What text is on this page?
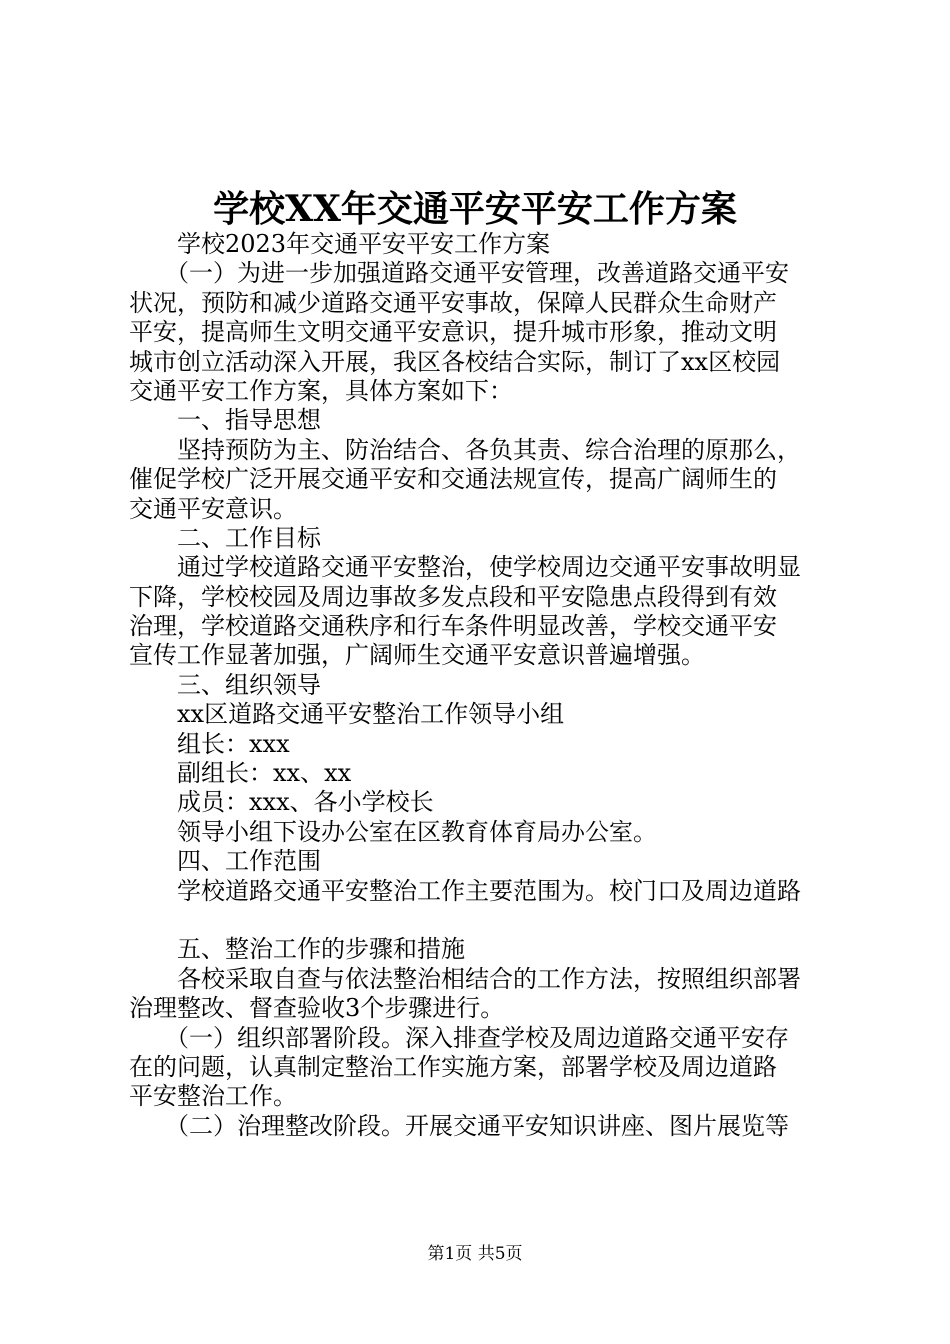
学校XX年交通平安平安工作方案
　　学校2023年交通平安平安工作方案
　　（一）为进一步加强道路交通平安管理，改善道路交通平安
状况，预防和减少道路交通平安事故，保障人民群众生命财产
平安，提高师生文明交通平安意识，提升城市形象，推动文明
城市创立活动深入开展，我区各校结合实际，制订了xx区校园
交通平安工作方案，具体方案如下：
　　一、指导思想
　　坚持预防为主、防治结合、各负其责、综合治理的原那么，
催促学校广泛开展交通平安和交通法规宣传，提高广阔师生的
交通平安意识。
　　二、工作目标
　　通过学校道路交通平安整治，使学校周边交通平安事故明显
下降，学校校园及周边事故多发点段和平安隐患点段得到有效
治理，学校道路交通秩序和行车条件明显改善，学校交通平安
宣传工作显著加强，广阔师生交通平安意识普遍增强。
　　三、组织领导
　　xx区道路交通平安整治工作领导小组
　　组长：xxx
　　副组长：xx、xx
　　成员：xxx、各小学校长
　　领导小组下设办公室在区教育体育局办公室。
　　四、工作范围
　　学校道路交通平安整治工作主要范围为。校门口及周边道路
　　五、整治工作的步骤和措施
　　各校采取自查与依法整治相结合的工作方法，按照组织部署
治理整改、督查验收3个步骤进行。
　　（一）组织部署阶段。深入排查学校及周边道路交通平安存
在的问题，认真制定整治工作实施方案，部署学校及周边道路
平安整治工作。
　　（二）治理整改阶段。开展交通平安知识讲座、图片展览等
第1页 共5页
